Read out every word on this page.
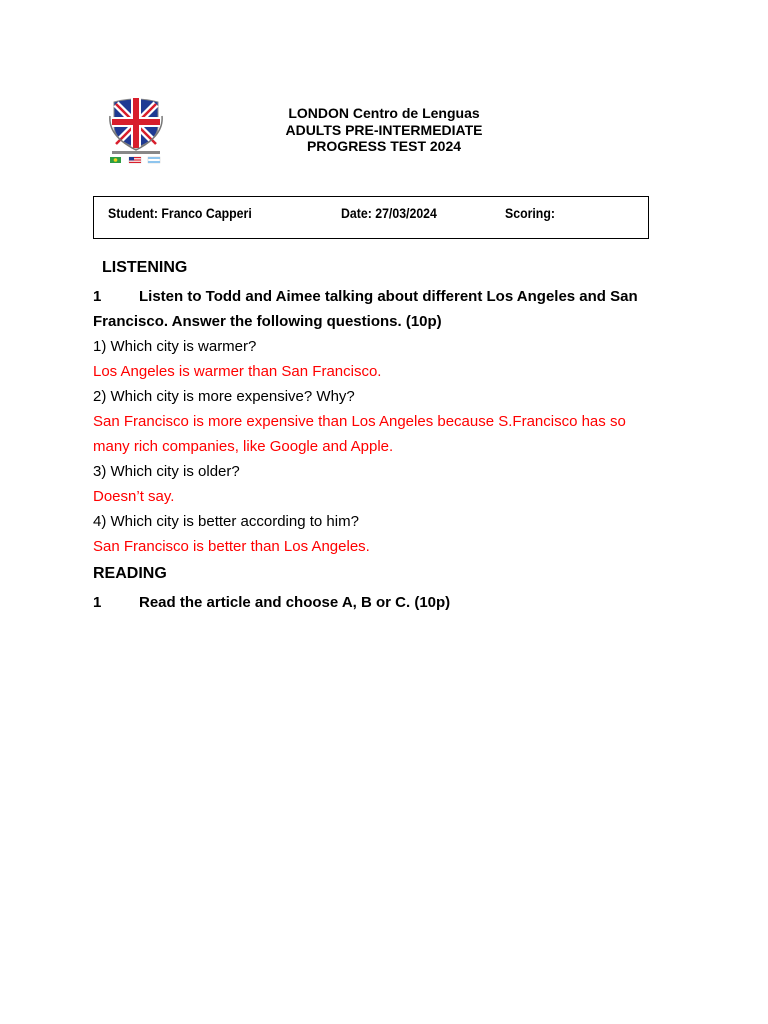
LONDON Centro de Lenguas
ADULTS PRE-INTERMEDIATE
PROGRESS TEST 2024
Student: Franco Capperi	Date: 27/03/2024	Scoring:
LISTENING
1	Listen to Todd and Aimee talking about different Los Angeles and San
Francisco. Answer the following questions. (10p)
1) Which city is warmer?
Los Angeles is warmer than San Francisco.
2) Which city is more expensive? Why?
San Francisco is more expensive than Los Angeles because S.Francisco has so
many rich companies, like Google and Apple.
3) Which city is older?
Doesn’t say.
4) Which city is better according to him?
San Francisco is better than Los Angeles.
READING
1	Read the article and choose A, B or C. (10p)
